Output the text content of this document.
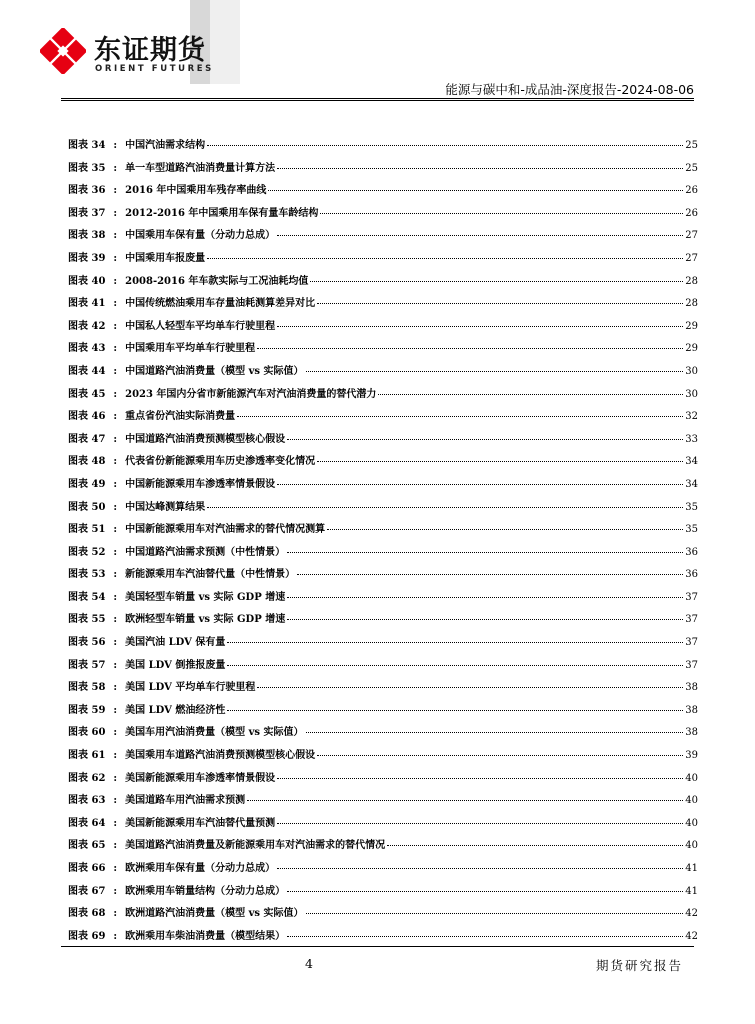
东证期货
ORIENT FUTURES
能源与碳中和-成品油-深度报告-2024-08-06
图表 34 : 中国汽油需求结构	25
图表 35 : 单一车型道路汽油消费量计算方法	25
图表 36 : 2016 年中国乘用车残存率曲线	26
图表 37 : 2012-2016 年中国乘用车保有量车龄结构	26
图表 38 : 中国乘用车保有量（分动力总成）	27
图表 39 : 中国乘用车报废量	27
图表 40 : 2008-2016 年车款实际与工况油耗均值	28
图表 41 : 中国传统燃油乘用车存量油耗测算差异对比	28
图表 42 : 中国私人轻型车平均单车行驶里程	29
图表 43 : 中国乘用车平均单车行驶里程	29
图表 44 : 中国道路汽油消费量（模型 vs 实际值）	30
图表 45 : 2023 年国内分省市新能源汽车对汽油消费量的替代潜力	30
图表 46 : 重点省份汽油实际消费量	32
图表 47 : 中国道路汽油消费预测模型核心假设	33
图表 48 : 代表省份新能源乘用车历史渗透率变化情况	34
图表 49 : 中国新能源乘用车渗透率情景假设	34
图表 50 : 中国达峰测算结果	35
图表 51 : 中国新能源乘用车对汽油需求的替代情况测算	35
图表 52 : 中国道路汽油需求预测（中性情景）	36
图表 53 : 新能源乘用车汽油替代量（中性情景）	36
图表 54 : 美国轻型车销量 vs 实际 GDP 增速	37
图表 55 : 欧洲轻型车销量 vs 实际 GDP 增速	37
图表 56 : 美国汽油 LDV 保有量	37
图表 57 : 美国 LDV 倒推报废量	37
图表 58 : 美国 LDV 平均单车行驶里程	38
图表 59 : 美国 LDV 燃油经济性	38
图表 60 : 美国车用汽油消费量（模型 vs 实际值）	38
图表 61 : 美国乘用车道路汽油消费预测模型核心假设	39
图表 62 : 美国新能源乘用车渗透率情景假设	40
图表 63 : 美国道路车用汽油需求预测	40
图表 64 : 美国新能源乘用车汽油替代量预测	40
图表 65 : 美国道路汽油消费量及新能源乘用车对汽油需求的替代情况	40
图表 66 : 欧洲乘用车保有量（分动力总成）	41
图表 67 : 欧洲乘用车销量结构（分动力总成）	41
图表 68 : 欧洲道路汽油消费量（模型 vs 实际值）	42
图表 69 : 欧洲乘用车柴油消费量（模型结果）	42
4	期货研究报告
